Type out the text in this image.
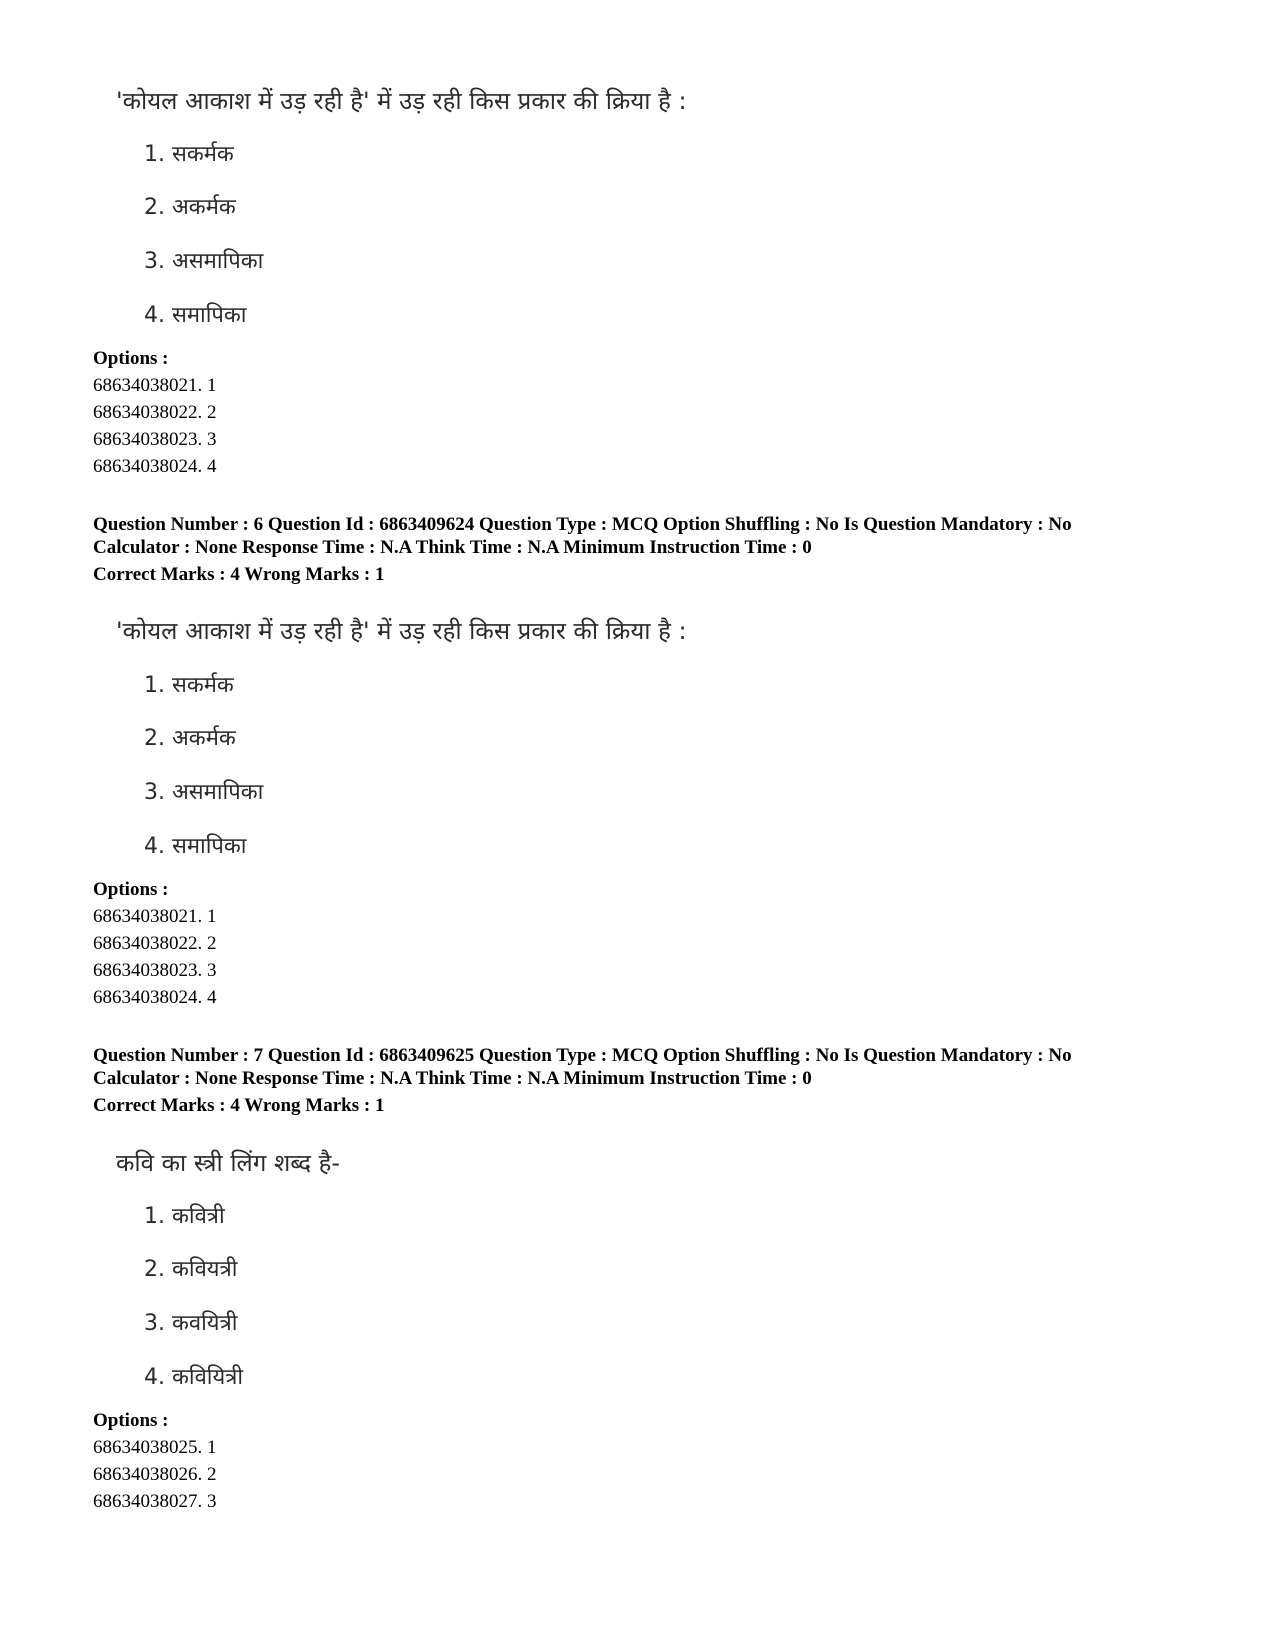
'कोयल आकाश में उड़ रही है' में उड़ रही किस प्रकार की क्रिया है :
1. सकर्मक
2. अकर्मक
3. असमापिका
4. समापिका
Options :
68634038021. 1
68634038022. 2
68634038023. 3
68634038024. 4
Question Number : 6 Question Id : 6863409624 Question Type : MCQ Option Shuffling : No Is Question Mandatory : No
Calculator : None Response Time : N.A Think Time : N.A Minimum Instruction Time : 0
Correct Marks : 4 Wrong Marks : 1
'कोयल आकाश में उड़ रही है' में उड़ रही किस प्रकार की क्रिया है :
1. सकर्मक
2. अकर्मक
3. असमापिका
4. समापिका
Options :
68634038021. 1
68634038022. 2
68634038023. 3
68634038024. 4
Question Number : 7 Question Id : 6863409625 Question Type : MCQ Option Shuffling : No Is Question Mandatory : No
Calculator : None Response Time : N.A Think Time : N.A Minimum Instruction Time : 0
Correct Marks : 4 Wrong Marks : 1
कवि का स्त्री लिंग शब्द है-
1. कवित्री
2. कवियत्री
3. कवयित्री
4. कवियित्री
Options :
68634038025. 1
68634038026. 2
68634038027. 3
